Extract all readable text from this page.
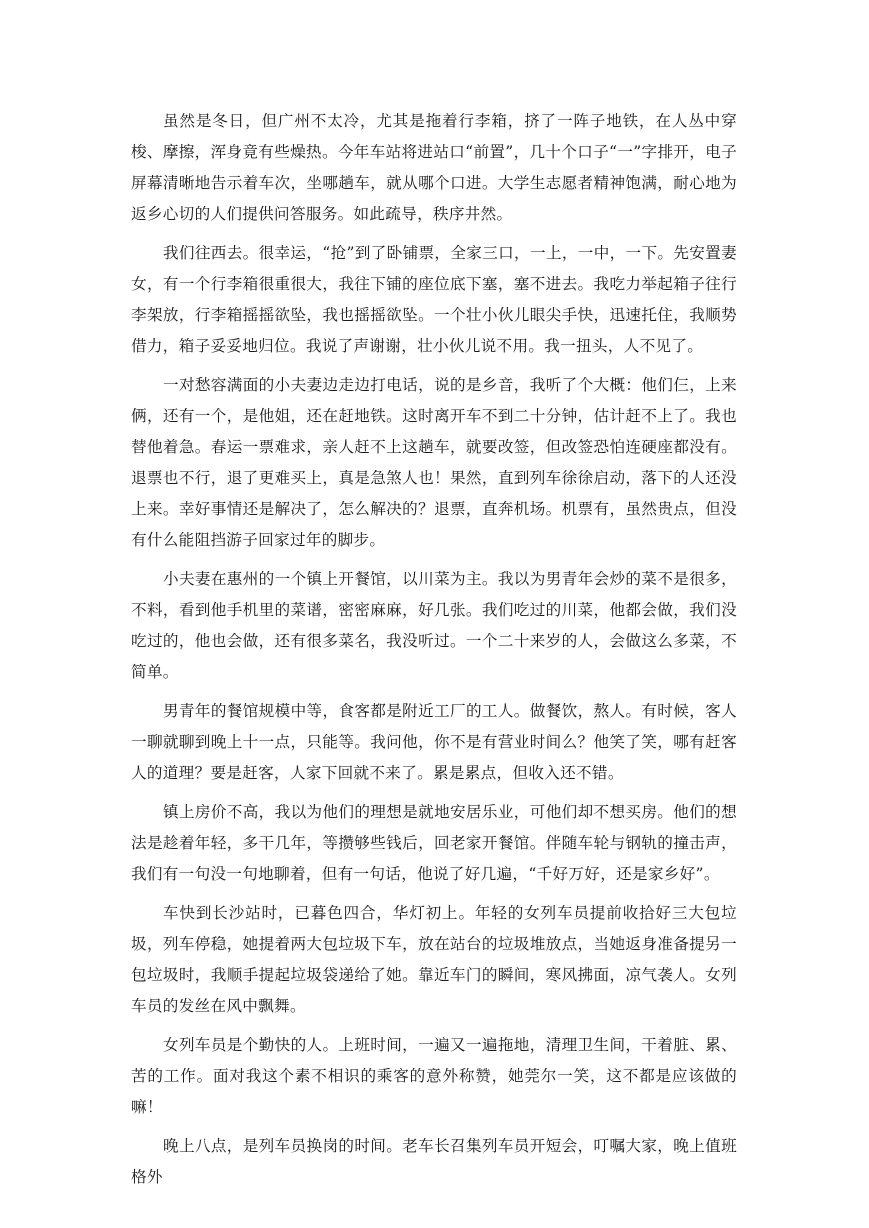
虽然是冬日，但广州不太冷，尤其是拖着行李箱，挤了一阵子地铁，在人丛中穿梭、摩擦，浑身竟有些燥热。今年车站将进站口“前置”，几十个口子“一”字排开，电子屏幕清晰地告示着车次，坐哪趟车，就从哪个口进。大学生志愿者精神饱满，耐心地为返乡心切的人们提供问答服务。如此疏导，秩序井然。

我们往西去。很幸运，“抢”到了卧铺票，全家三口，一上，一中，一下。先安置妻女，有一个行李箱很重很大，我往下铺的座位底下塞，塞不进去。我吃力举起箱子往行李架放，行李箱摇摇欲坠，我也摇摇欲坠。一个壮小伙儿眼尖手快，迅速托住，我顺势借力，箱子妥妥地归位。我说了声谢谢，壮小伙儿说不用。我一扭头，人不见了。

一对愁容满面的小夫妻边走边打电话，说的是乡音，我听了个大概：他们仨，上来俩，还有一个，是他姐，还在赶地铁。这时离开车不到二十分钟，估计赶不上了。我也替他着急。春运一票难求，亲人赶不上这趟车，就要改签，但改签恐怕连硬座都没有。退票也不行，退了更难买上，真是急煞人也！果然，直到列车徐徐启动，落下的人还没上来。幸好事情还是解决了，怎么解决的？退票，直奔机场。机票有，虽然贵点，但没有什么能阻挡游子回家过年的脚步。

小夫妻在惠州的一个镇上开餐馆，以川菜为主。我以为男青年会炒的菜不是很多，不料，看到他手机里的菜谱，密密麻麻，好几张。我们吃过的川菜，他都会做，我们没吃过的，他也会做，还有很多菜名，我没听过。一个二十来岁的人，会做这么多菜，不简单。

男青年的餐馆规模中等，食客都是附近工厂的工人。做餐饮，熬人。有时候，客人一聊就聊到晚上十一点，只能等。我问他，你不是有营业时间么？他笑了笑，哪有赶客人的道理？要是赶客，人家下回就不来了。累是累点，但收入还不错。

镇上房价不高，我以为他们的理想是就地安居乐业，可他们却不想买房。他们的想法是趁着年轻，多干几年，等攒够些钱后，回老家开餐馆。伴随车轮与钢轨的撞击声，我们有一句没一句地聊着，但有一句话，他说了好几遍，“千好万好，还是家乡好”。

车快到长沙站时，已暮色四合，华灯初上。年轻的女列车员提前收拾好三大包垃圾，列车停稳，她提着两大包垃圾下车，放在站台的垃圾堆放点，当她返身准备提另一包垃圾时，我顺手提起垃圾袋递给了她。靠近车门的瞬间，寒风拂面，凉气袭人。女列车员的发丝在风中飘舞。

女列车员是个勤快的人。上班时间，一遍又一遍拖地，清理卫生间，干着脏、累、苦的工作。面对我这个素不相识的乘客的意外称赞，她莞尔一笑，这不都是应该做的嘛！

晚上八点，是列车员换岗的时间。老车长召集列车员开短会，叮嘱大家，晚上值班格外
